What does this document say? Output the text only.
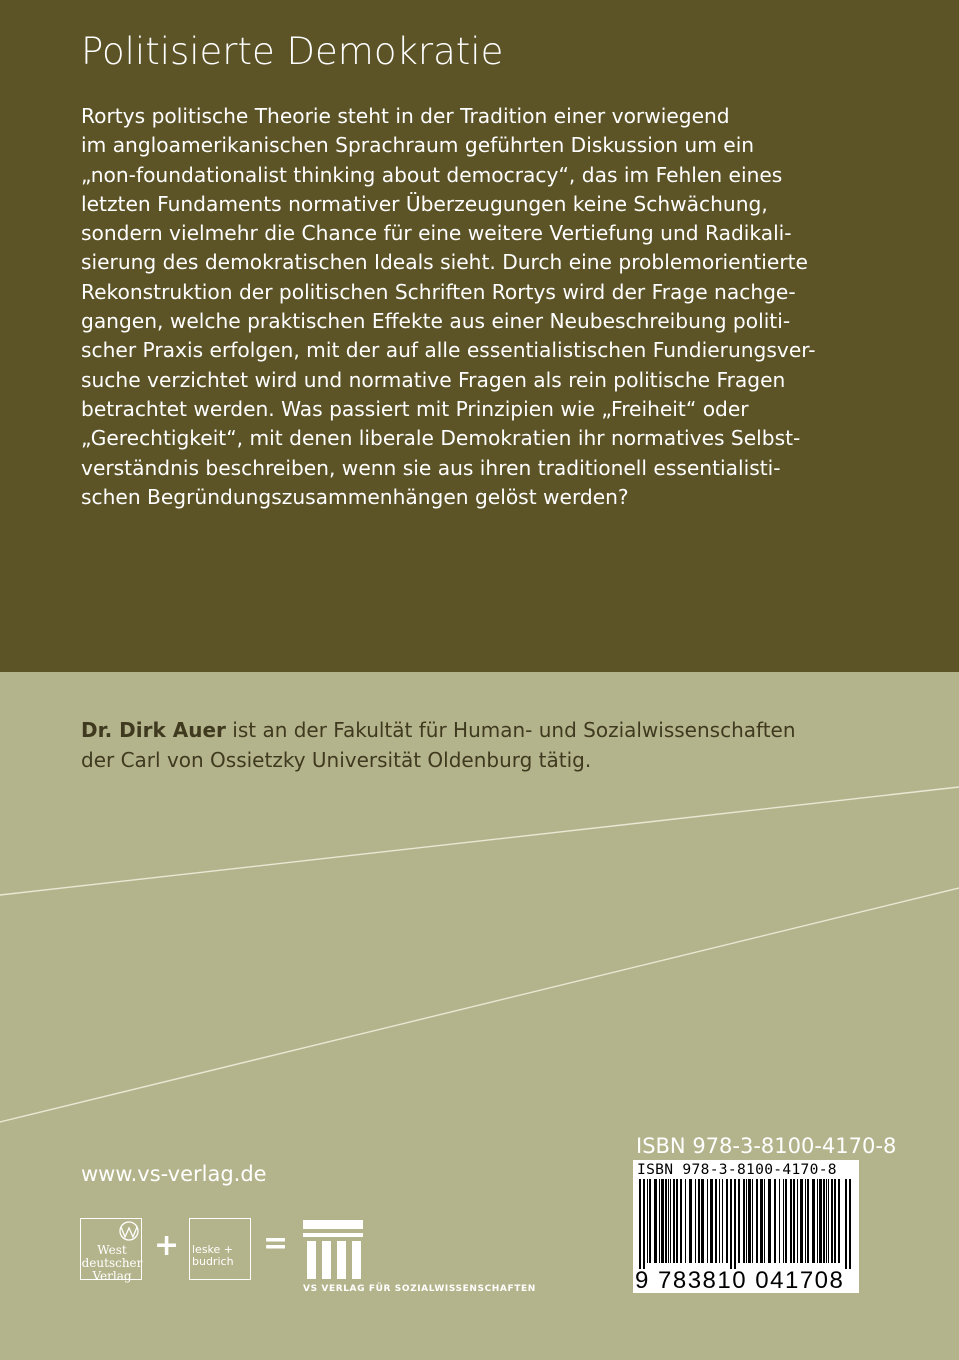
Politisierte Demokratie
Rortys politische Theorie steht in der Tradition einer vorwiegend
im angloamerikanischen Sprachraum geführten Diskussion um ein
„non-foundationalist thinking about democracy“, das im Fehlen eines
letzten Fundaments normativer Überzeugungen keine Schwächung,
sondern vielmehr die Chance für eine weitere Vertiefung und Radikali-
sierung des demokratischen Ideals sieht. Durch eine problemorientierte
Rekonstruktion der politischen Schriften Rortys wird der Frage nachge-
gangen, welche praktischen Effekte aus einer Neubeschreibung politi-
scher Praxis erfolgen, mit der auf alle essentialistischen Fundierungsver-
suche verzichtet wird und normative Fragen als rein politische Fragen
betrachtet werden. Was passiert mit Prinzipien wie „Freiheit“ oder
„Gerechtigkeit“, mit denen liberale Demokratien ihr normatives Selbst-
verständnis beschreiben, wenn sie aus ihren traditionell essentialisti-
schen Begründungszusammenhängen gelöst werden?
Dr. Dirk Auer ist an der Fakultät für Human- und Sozialwissenschaften
der Carl von Ossietzky Universität Oldenburg tätig.
www.vs-verlag.de
ISBN 978-3-8100-4170-8
ISBN 978-3-8100-4170-8
9 783810 041708
West
deutscher
Verlag
+ leske +
budrich
=
VS VERLAG FÜR SOZIALWISSENSCHAFTEN
